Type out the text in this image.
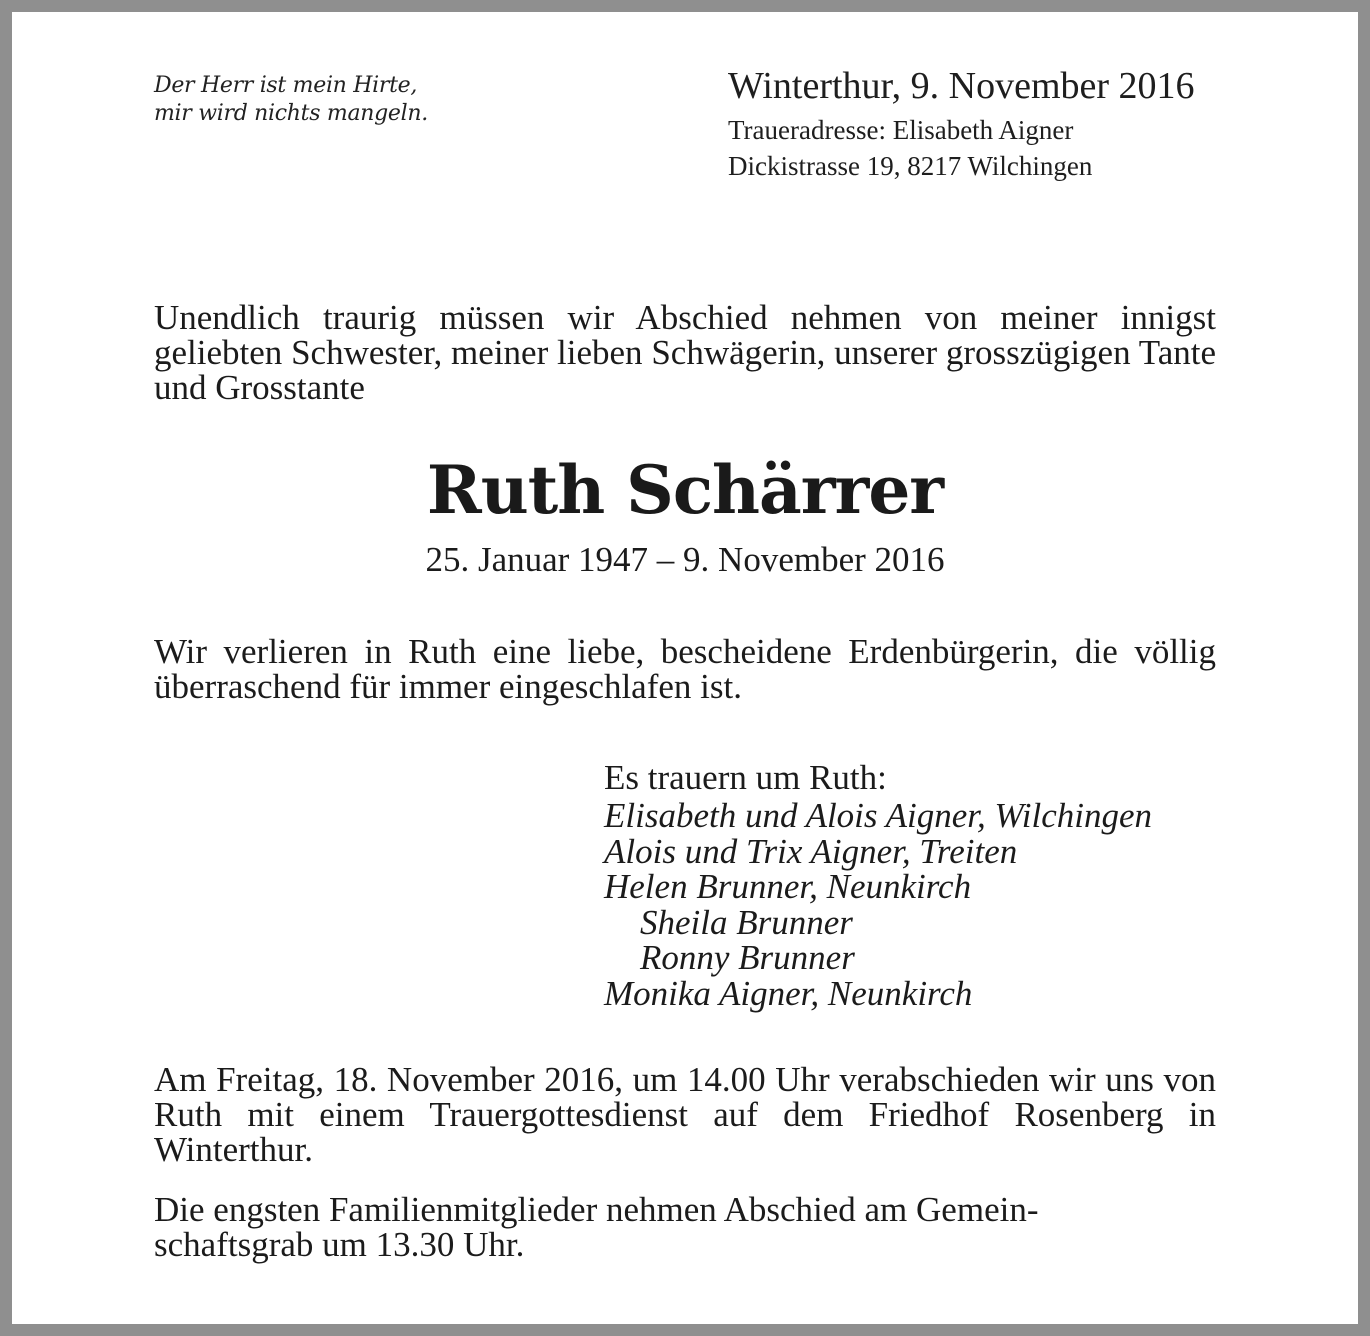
Der Herr ist mein Hirte,
mir wird nichts mangeln.
Winterthur, 9. November 2016
Traueradresse: Elisabeth Aigner
Dickistrasse 19, 8217 Wilchingen

Unendlich traurig müssen wir Abschied nehmen von meiner innigst geliebten Schwester, meiner lieben Schwägerin, unserer grosszügigen Tante und Grosstante

Ruth Schärrer
25. Januar 1947 – 9. November 2016

Wir verlieren in Ruth eine liebe, bescheidene Erdenbürgerin, die völlig überraschend für immer eingeschlafen ist.

Es trauern um Ruth:
Elisabeth und Alois Aigner, Wilchingen
Alois und Trix Aigner, Treiten
Helen Brunner, Neunkirch
Sheila Brunner
Ronny Brunner
Monika Aigner, Neunkirch

Am Freitag, 18. November 2016, um 14.00 Uhr verabschieden wir uns von Ruth mit einem Trauergottesdienst auf dem Friedhof Rosenberg in Winterthur.

Die engsten Familienmitglieder nehmen Abschied am Gemein-
schaftsgrab um 13.30 Uhr.
